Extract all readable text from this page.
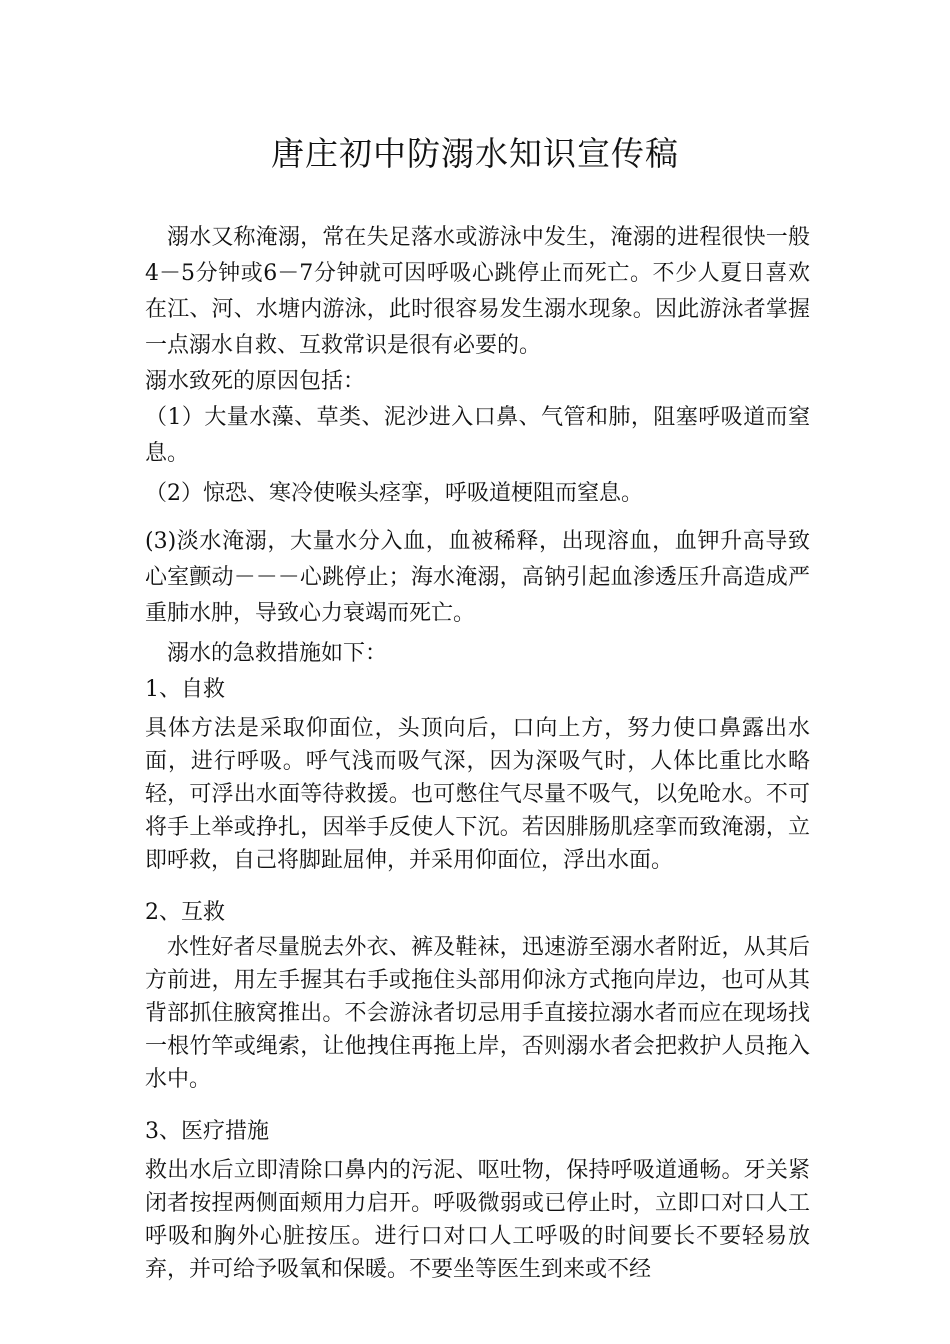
唐庄初中防溺水知识宣传稿

溺水又称淹溺，常在失足落水或游泳中发生，淹溺的进程很快一般4－5分钟或6－7分钟就可因呼吸心跳停止而死亡。不少人夏日喜欢在江、河、水塘内游泳，此时很容易发生溺水现象。因此游泳者掌握一点溺水自救、互救常识是很有必要的。

溺水致死的原因包括：

（1）大量水藻、草类、泥沙进入口鼻、气管和肺，阻塞呼吸道而窒息。

（2）惊恐、寒冷使喉头痉挛，呼吸道梗阻而窒息。

(3)淡水淹溺，大量水分入血，血被稀释，出现溶血，血钾升高导致心室颤动－－－心跳停止；海水淹溺，高钠引起血渗透压升高造成严重肺水肿，导致心力衰竭而死亡。

溺水的急救措施如下：

1、自救

具体方法是采取仰面位，头顶向后，口向上方，努力使口鼻露出水面，进行呼吸。呼气浅而吸气深，因为深吸气时，人体比重比水略轻，可浮出水面等待救援。也可憋住气尽量不吸气，以免呛水。不可将手上举或挣扎，因举手反使人下沉。若因腓肠肌痉挛而致淹溺，立即呼救，自己将脚趾屈伸，并采用仰面位，浮出水面。

2、互救

水性好者尽量脱去外衣、裤及鞋袜，迅速游至溺水者附近，从其后方前进，用左手握其右手或拖住头部用仰泳方式拖向岸边，也可从其背部抓住腋窝推出。不会游泳者切忌用手直接拉溺水者而应在现场找一根竹竿或绳索，让他拽住再拖上岸，否则溺水者会把救护人员拖入水中。

3、医疗措施

救出水后立即清除口鼻内的污泥、呕吐物，保持呼吸道通畅。牙关紧闭者按捏两侧面颊用力启开。呼吸微弱或已停止时，立即口对口人工呼吸和胸外心脏按压。进行口对口人工呼吸的时间要长不要轻易放弃，并可给予吸氧和保暖。不要坐等医生到来或不经
